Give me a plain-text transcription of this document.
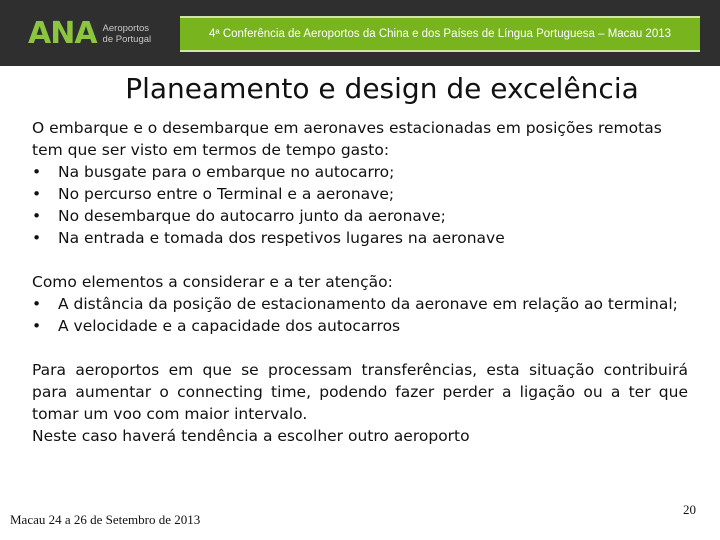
ANA Aeroportos
de Portugal	4ª Conferência de Aeroportos da China e dos Países de Língua Portuguesa – Macau 2013
Planeamento e design de excelência

O embarque e o desembarque em aeronaves estacionadas em posições remotas tem que ser visto em termos de tempo gasto:

• Na busgate para o embarque no autocarro;
• No percurso entre o Terminal e a aeronave;
• No desembarque do autocarro junto da aeronave;
• Na entrada e tomada dos respetivos lugares na aeronave

Como elementos a considerar e a ter atenção:

• A distância da posição de estacionamento da aeronave em relação ao terminal;
• A velocidade e a capacidade dos autocarros

Para aeroportos em que se processam transferências, esta situação contribuirá para aumentar o connecting time, podendo fazer perder a ligação ou a ter que tomar um voo com maior intervalo.

Neste caso haverá tendência a escolher outro aeroporto

Macau 24 a 26 de Setembro de 2013
20
